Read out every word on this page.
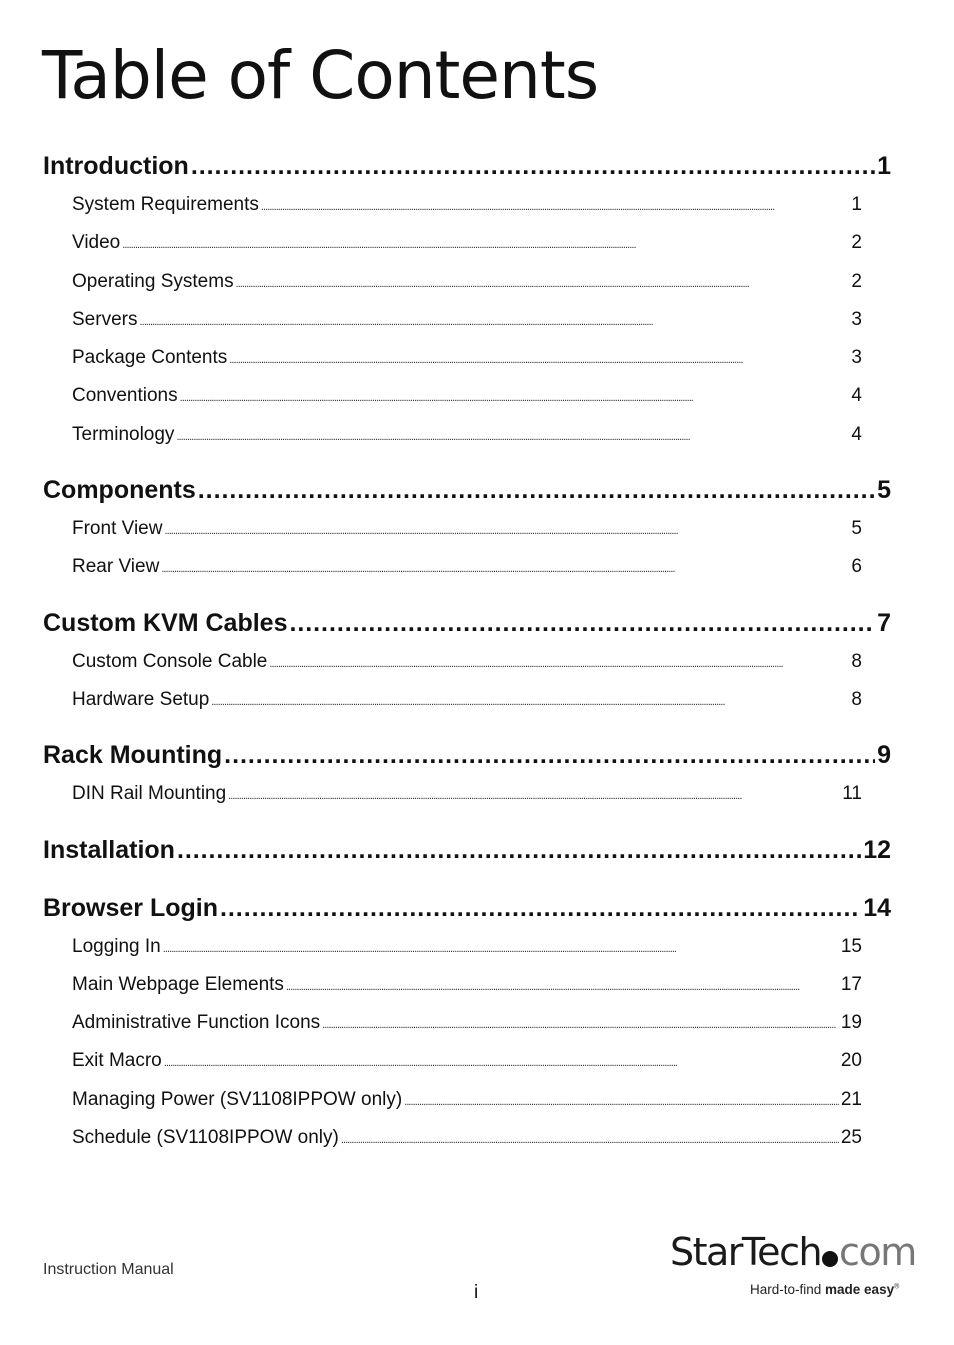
Table of Contents
Introduction . . .	1
System Requirements . . .	1
Video . . .	2
Operating Systems . . .	2
Servers . . .	3
Package Contents . . .	3
Conventions . . .	4
Terminology . . .	4
Components . . .	5
Front View . . .	5
Rear View . . .	6
Custom KVM Cables . . .	7
Custom Console Cable . . .	8
Hardware Setup . . .	8
Rack Mounting . . .	9
DIN Rail Mounting . . .	11
Installation . . .	12
Browser Login . . .	14
Logging In . . .	15
Main Webpage Elements . . .	17
Administrative Function Icons . . .	19
Exit Macro . . .	20
Managing Power (SV1108IPPOW only) . . .	21
Schedule (SV1108IPPOW only) . . .	25
Instruction Manual
i
StarTech com
Hard-to-find made easy®
